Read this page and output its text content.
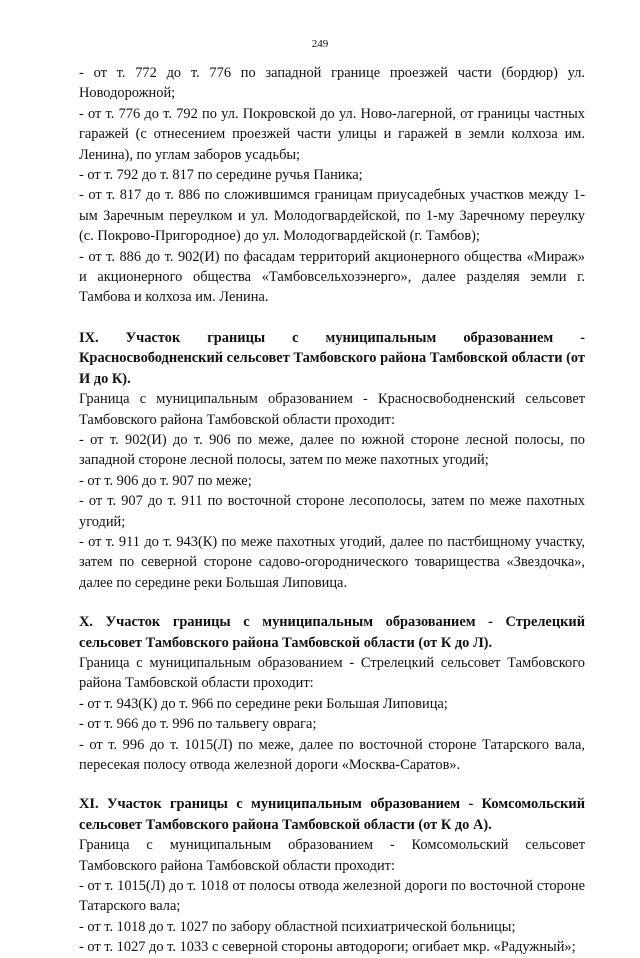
249

- от т. 772 до т. 776 по западной границе проезжей части (бордюр) ул. Новодорожной;

- от т. 776 до т. 792 по ул. Покровской до ул. Ново-лагерной, от границы частных гаражей (с отнесением проезжей части улицы и гаражей в земли колхоза им. Ленина), по углам заборов усадьбы;

- от т. 792 до т. 817 по середине ручья Паника;

- от т. 817 до т. 886 по сложившимся границам приусадебных участков между 1-ым Заречным переулком и ул. Молодогвардейской, по 1-му Заречному переулку (с. Покрово-Пригородное) до ул. Молодогвардейской (г. Тамбов);

- от т. 886 до т. 902(И) по фасадам территорий акционерного общества «Мираж» и акционерного общества «Тамбовсельхозэнерго», далее разделяя земли г. Тамбова и колхоза им. Ленина.

IX. Участок границы с муниципальным образованием - Красносвободненский сельсовет Тамбовского района Тамбовской области (от И до К).

Граница с муниципальным образованием - Красносвободненский сельсовет Тамбовского района Тамбовской области проходит:

- от т. 902(И) до т. 906 по меже, далее по южной стороне лесной полосы, по западной стороне лесной полосы, затем по меже пахотных угодий;

- от т. 906 до т. 907 по меже;

- от т. 907 до т. 911 по восточной стороне лесополосы, затем по меже пахотных угодий;

- от т. 911 до т. 943(К) по меже пахотных угодий, далее по пастбищному участку, затем по северной стороне садово-огороднического товарищества «Звездочка», далее по середине реки Большая Липовица.

X. Участок границы с муниципальным образованием - Стрелецкий сельсовет Тамбовского района Тамбовской области (от К до Л).

Граница с муниципальным образованием - Стрелецкий сельсовет Тамбовского района Тамбовской области проходит:

- от т. 943(К) до т. 966 по середине реки Большая Липовица;

- от т. 966 до т. 996 по тальвегу оврага;

- от т. 996 до т. 1015(Л) по меже, далее по восточной стороне Татарского вала, пересекая полосу отвода железной дороги «Москва-Саратов».

XI. Участок границы с муниципальным образованием - Комсомольский сельсовет Тамбовского района Тамбовской области (от К до А).

Граница с муниципальным образованием - Комсомольский сельсовет Тамбовского района Тамбовской области проходит:

- от т. 1015(Л) до т. 1018 от полосы отвода железной дороги по восточной стороне Татарского вала;

- от т. 1018 до т. 1027 по забору областной психиатрической больницы;

- от т. 1027 до т. 1033 с северной стороны автодороги; огибает мкр. «Радужный»;
